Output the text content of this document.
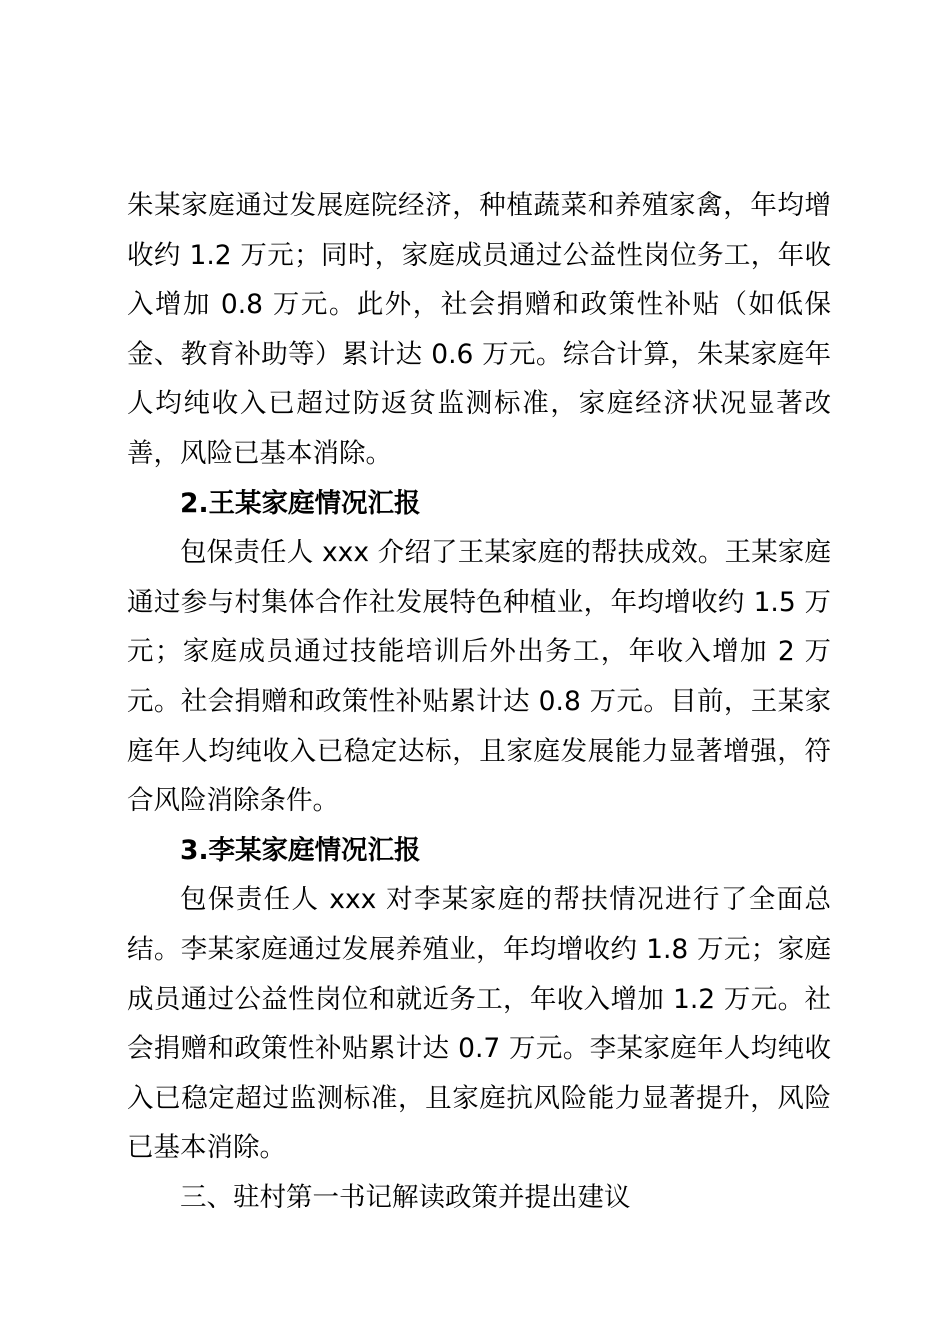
朱某家庭通过发展庭院经济，种植蔬菜和养殖家禽，年均增收约 1.2 万元；同时，家庭成员通过公益性岗位务工，年收入增加 0.8 万元。此外，社会捐赠和政策性补贴（如低保金、教育补助等）累计达 0.6 万元。综合计算，朱某家庭年人均纯收入已超过防返贫监测标准，家庭经济状况显著改善，风险已基本消除。

2.王某家庭情况汇报

包保责任人 xxx 介绍了王某家庭的帮扶成效。王某家庭通过参与村集体合作社发展特色种植业，年均增收约 1.5 万元；家庭成员通过技能培训后外出务工，年收入增加 2 万元。社会捐赠和政策性补贴累计达 0.8 万元。目前，王某家庭年人均纯收入已稳定达标，且家庭发展能力显著增强，符合风险消除条件。

3.李某家庭情况汇报

包保责任人 xxx 对李某家庭的帮扶情况进行了全面总结。李某家庭通过发展养殖业，年均增收约 1.8 万元；家庭成员通过公益性岗位和就近务工，年收入增加 1.2 万元。社会捐赠和政策性补贴累计达 0.7 万元。李某家庭年人均纯收入已稳定超过监测标准，且家庭抗风险能力显著提升，风险已基本消除。

三、驻村第一书记解读政策并提出建议
